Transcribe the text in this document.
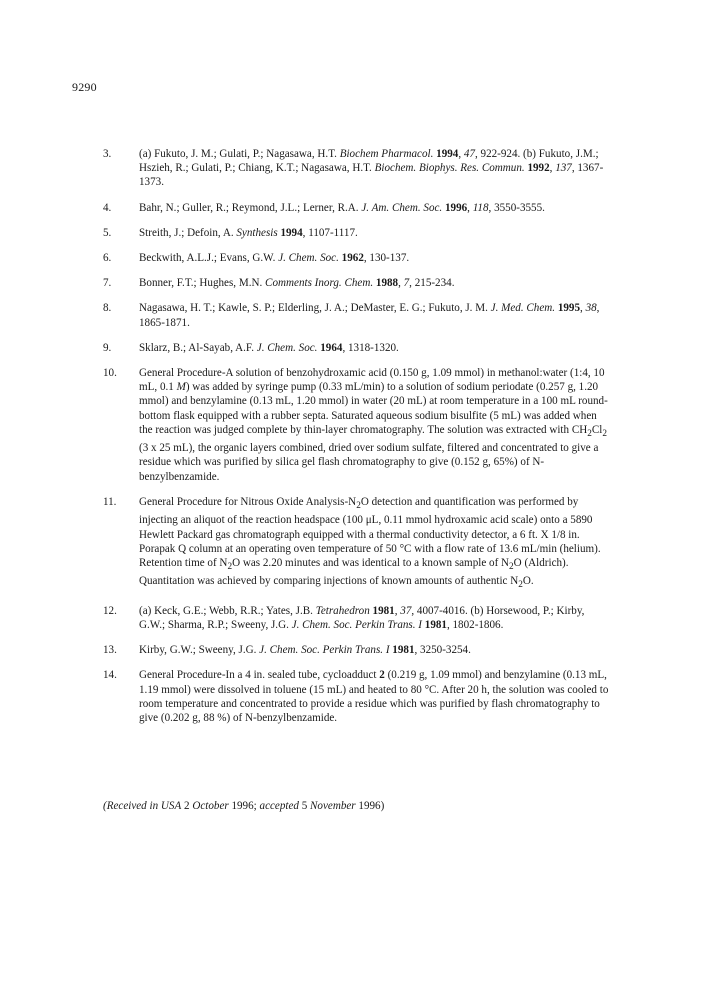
9290
3.	(a) Fukuto, J. M.; Gulati, P.; Nagasawa, H.T. Biochem Pharmacol. 1994, 47, 922-924. (b) Fukuto, J.M.; Hszieh, R.; Gulati, P.; Chiang, K.T.; Nagasawa, H.T. Biochem. Biophys. Res. Commun. 1992, 137, 1367-1373.
4.	Bahr, N.; Guller, R.; Reymond, J.L.; Lerner, R.A. J. Am. Chem. Soc. 1996, 118, 3550-3555.
5.	Streith, J.; Defoin, A. Synthesis 1994, 1107-1117.
6.	Beckwith, A.L.J.; Evans, G.W. J. Chem. Soc. 1962, 130-137.
7.	Bonner, F.T.; Hughes, M.N. Comments Inorg. Chem. 1988, 7, 215-234.
8.	Nagasawa, H. T.; Kawle, S. P.; Elderling, J. A.; DeMaster, E. G.; Fukuto, J. M. J. Med. Chem. 1995, 38, 1865-1871.
9.	Sklarz, B.; Al-Sayab, A.F. J. Chem. Soc. 1964, 1318-1320.
10.	General Procedure-A solution of benzohydroxamic acid (0.150 g, 1.09 mmol) in methanol:water (1:4, 10 mL, 0.1 M) was added by syringe pump (0.33 mL/min) to a solution of sodium periodate (0.257 g, 1.20 mmol) and benzylamine (0.13 mL, 1.20 mmol) in water (20 mL) at room temperature in a 100 mL round-bottom flask equipped with a rubber septa. Saturated aqueous sodium bisulfite (5 mL) was added when the reaction was judged complete by thin-layer chromatography. The solution was extracted with $CH_2Cl_2$ (3 x 25 mL), the organic layers combined, dried over sodium sulfate, filtered and concentrated to give a residue which was purified by silica gel flash chromatography to give (0.152 g, 65%) of N-benzylbenzamide.
11.	General Procedure for Nitrous Oxide Analysis-$N_2O$ detection and quantification was performed by injecting an aliquot of the reaction headspace (100 μL, 0.11 mmol hydroxamic acid scale) onto a 5890 Hewlett Packard gas chromatograph equipped with a thermal conductivity detector, a 6 ft. X 1/8 in. Porapak Q column at an operating oven temperature of 50 °C with a flow rate of 13.6 mL/min (helium). Retention time of $N_2O$ was 2.20 minutes and was identical to a known sample of $N_2O$ (Aldrich). Quantitation was achieved by comparing injections of known amounts of authentic $N_2O$.
12.	(a) Keck, G.E.; Webb, R.R.; Yates, J.B. Tetrahedron 1981, 37, 4007-4016. (b) Horsewood, P.; Kirby, G.W.; Sharma, R.P.; Sweeny, J.G. J. Chem. Soc. Perkin Trans. I 1981, 1802-1806.
13.	Kirby, G.W.; Sweeny, J.G. J. Chem. Soc. Perkin Trans. I 1981, 3250-3254.
14.	General Procedure-In a 4 in. sealed tube, cycloadduct 2 (0.219 g, 1.09 mmol) and benzylamine (0.13 mL, 1.19 mmol) were dissolved in toluene (15 mL) and heated to 80 °C. After 20 h, the solution was cooled to room temperature and concentrated to provide a residue which was purified by flash chromatography to give (0.202 g, 88 %) of N-benzylbenzamide.
(Received in USA 2 October 1996; accepted 5 November 1996)
